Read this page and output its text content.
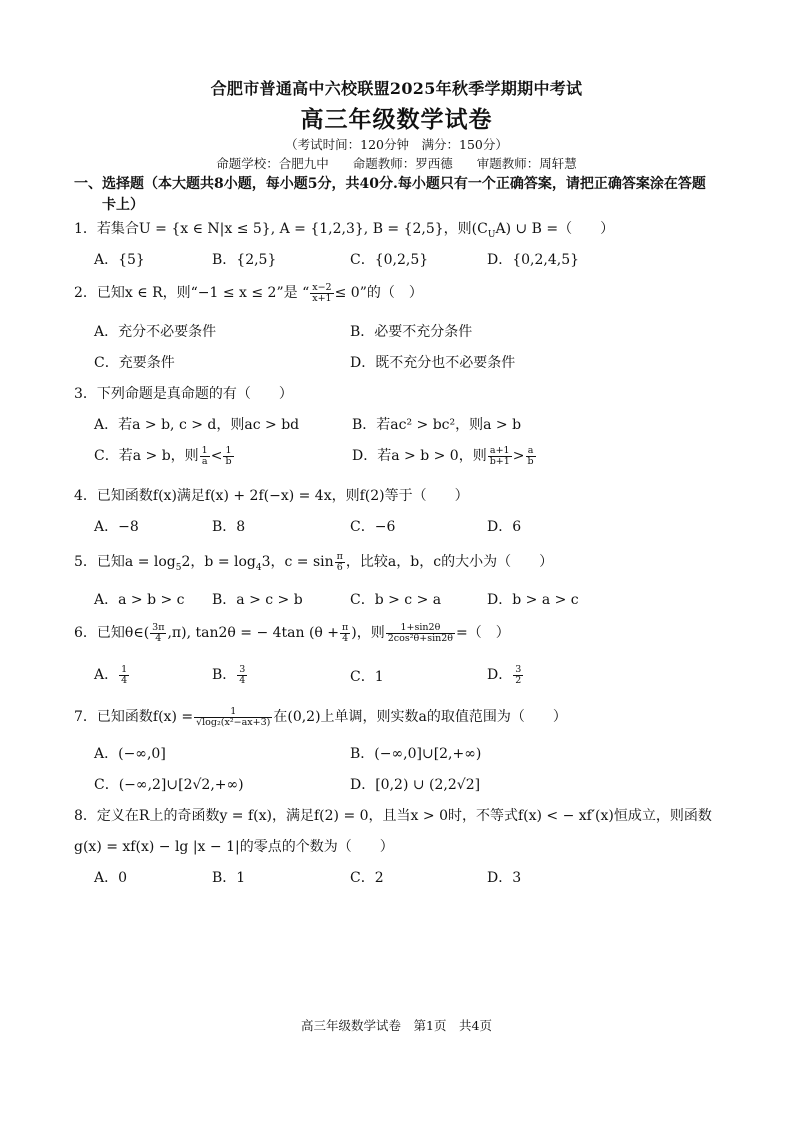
合肥市普通高中六校联盟2025年秋季学期期中考试
高三年级数学试卷
（考试时间：120分钟　满分：150分）
命题学校：合肥九中 命题教师：罗西德 审题教师：周轩慧
一、选择题（本大题共8小题，每小题5分，共40分.每小题只有一个正确答案，请把正确答案涂在答题
卡上）
1．若集合U = {x ∈ N|x ≤ 5}, A = {1,2,3}, B = {2,5}，则$(C_UA)$ ∪ B =（　　）
A．{5}	B．{2,5}	C．{0,2,5}	D．{0,2,4,5}
2．已知x ∈ R，则“−1 ≤ x ≤ 2”是 “ $\frac{x-2}{x+1} \le 0$”的（　）
A．充分不必要条件	B．必要不充分条件
C．充要条件	D．既不充分也不必要条件
3．下列命题是真命题的有（　　）
A．若a > b, c > d，则ac > bd	B．若ac² > bc²，则a > b
C．若a > b，则 $\frac{1}{a} < \frac{1}{b}$	D．若a > b > 0，则 $\frac{a+1}{b+1} > \frac{a}{b}$
4．已知函数f(x)满足f(x) + 2f(−x) = 4x，则f(2)等于（　　）
A．−8	B．8	C．−6	D．6
5．已知$a = \log_52$，$b = \log_43$，$c = \sin \frac{\pi}{6}$ ，比较a，b，c的大小为（　　）
A．a > b > c B．a > c > b	C．b > c > a	D．b > a > c
6．已知θ∈( $\frac{3\pi}{4} ,\pi$), tan2θ = − 4tan ($\theta + \frac{\pi}{4}$ )，则 $\frac{1+\sin 2\theta}{\text{2cos²θ+sin2θ}}$ =（　）
A． $\frac{1}{4}$	B． $\frac{3}{4}$	C．1	D． $\frac{3}{2}$
7．已知函数$f(x) = \frac{1}{\text{√log₂(x²−ax+3)}}$ 在(0,2)上单调，则实数a的取值范围为（　　）
A．(−∞,0]	B．(−∞,0]∪[2,+∞)
C．(−∞,2]∪[2√2,+∞)	D．[0,2) ∪ (2,2√2]
8．定义在R上的奇函数y = f(x)，满足f(2) = 0，且当x > 0时，不等式f(x) < − xf′(x)恒成立，则函数
g(x) = xf(x) − lg |x − 1|的零点的个数为（　　）
A．0	B．1	C．2	D．3
高三年级数学试卷　第1页　共4页
